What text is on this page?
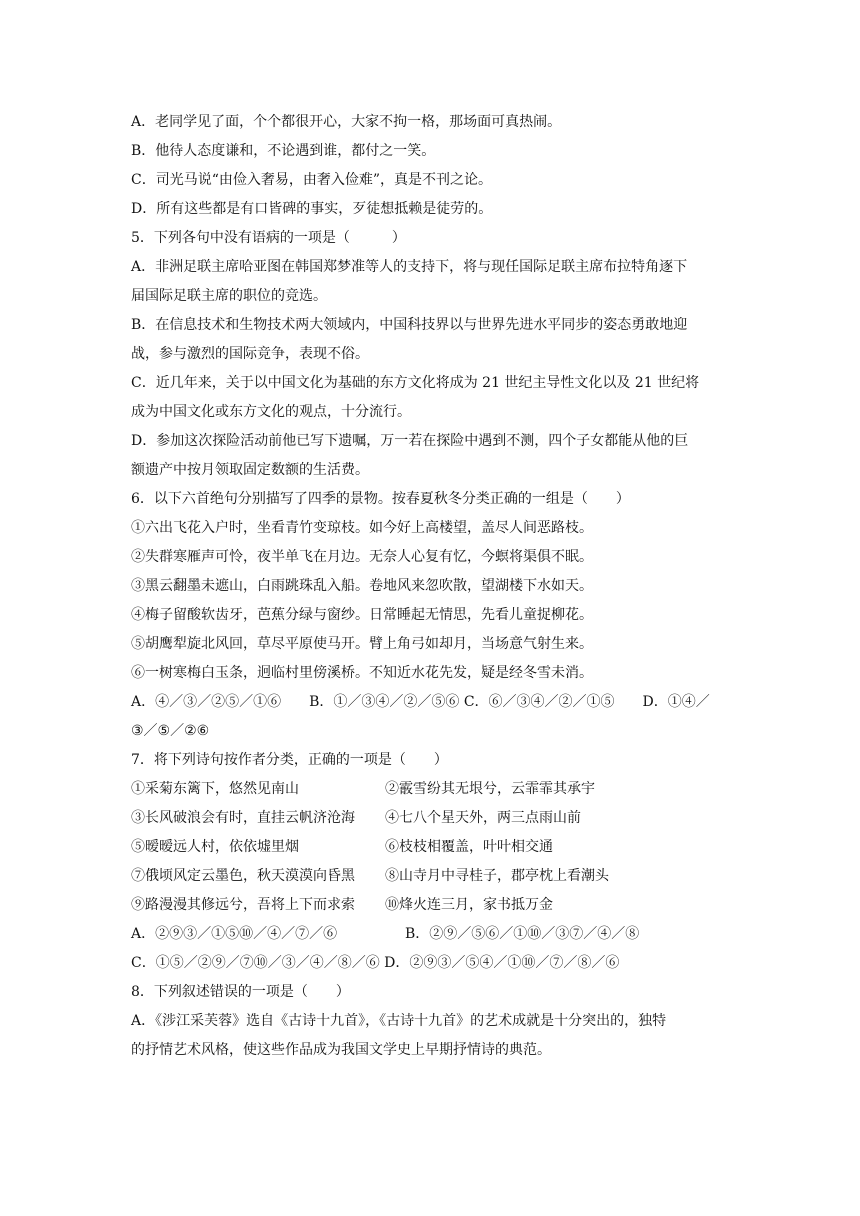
A．老同学见了面，个个都很开心，大家不拘一格，那场面可真热闹。
B．他待人态度谦和，不论遇到谁，都付之一笑。
C．司光马说“由俭入奢易，由奢入俭难”，真是不刊之论。
D．所有这些都是有口皆碑的事实，歹徒想抵赖是徒劳的。
5．下列各句中没有语病的一项是（　　　）
A．非洲足联主席哈亚图在韩国郑梦准等人的支持下，将与现任国际足联主席布拉特角逐下
届国际足联主席的职位的竞选。
B．在信息技术和生物技术两大领域内，中国科技界以与世界先进水平同步的姿态勇敢地迎
战，参与激烈的国际竞争，表现不俗。
C．近几年来，关于以中国文化为基础的东方文化将成为 21 世纪主导性文化以及 21 世纪将
成为中国文化或东方文化的观点，十分流行。
D．参加这次探险活动前他已写下遗嘱，万一若在探险中遇到不测，四个子女都能从他的巨
额遗产中按月领取固定数额的生活费。
6．以下六首绝句分别描写了四季的景物。按春夏秋冬分类正确的一组是（　　）
①六出飞花入户时，坐看青竹变琼枝。如今好上高楼望，盖尽人间恶路枝。
②失群寒雁声可怜，夜半单飞在月边。无奈人心复有忆，今螟将渠俱不眠。
③黑云翻墨未遮山，白雨跳珠乱入船。卷地风来忽吹散，望湖楼下水如天。
④梅子留酸软齿牙，芭蕉分绿与窗纱。日常睡起无情思，先看儿童捉柳花。
⑤胡鹰犁旋北风回，草尽平原使马开。臂上角弓如却月，当场意气射生来。
⑥一树寒梅白玉条，迥临村里傍溪桥。不知近水花先发，疑是经冬雪未消。
A．④／③／②⑤／①⑥　　B．①／③④／②／⑤⑥ C．⑥／③④／②／①⑤　　D．①④／
③／⑤／②⑥
7．将下列诗句按作者分类，正确的一项是（　　）
①采菊东篱下，悠然见南山	②霰雪纷其无垠兮，云霏霏其承宇
③长风破浪会有时，直挂云帆济沧海	④七八个星天外，两三点雨山前
⑤暧暧远人村，依依墟里烟	⑥枝枝相覆盖，叶叶相交通
⑦俄顷风定云墨色，秋天漠漠向昏黑	⑧山寺月中寻桂子，郡亭枕上看潮头
⑨路漫漫其修远兮，吾将上下而求索	⑩烽火连三月，家书抵万金
A．②⑨③／①⑤⑩／④／⑦／⑥	B．②⑨／⑤⑥／①⑩／③⑦／④／⑧
C．①⑤／②⑨／⑦⑩／③／④／⑧／⑥ D．②⑨③／⑤④／①⑩／⑦／⑧／⑥
8．下列叙述错误的一项是（　　）
A．《涉江采芙蓉》选自《古诗十九首》，《古诗十九首》的艺术成就是十分突出的，独特
的抒情艺术风格，使这些作品成为我国文学史上早期抒情诗的典范。
